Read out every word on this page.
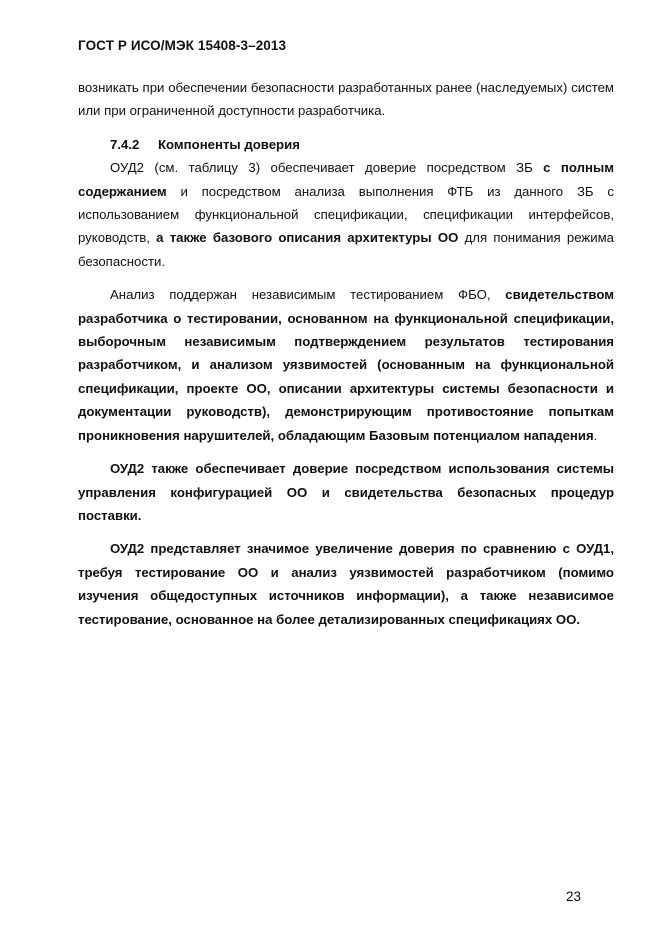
ГОСТ Р ИСО/МЭК 15408-3–2013

возникать при обеспечении безопасности разработанных ранее (наследуемых) систем или при ограниченной доступности разработчика.

7.4.2 Компоненты доверия

ОУД2 (см. таблицу 3) обеспечивает доверие посредством ЗБ с полным содержанием и посредством анализа выполнения ФТБ из данного ЗБ с использованием функциональной спецификации, спецификации интерфейсов, руководств, а также базового описания архитектуры ОО для понимания режима безопасности.

Анализ поддержан независимым тестированием ФБО, свидетельством разработчика о тестировании, основанном на функциональной спецификации, выборочным независимым подтверждением результатов тестирования разработчиком, и анализом уязвимостей (основанным на функциональной спецификации, проекте ОО, описании архитектуры системы безопасности и документации руководств), демонстрирующим противостояние попыткам проникновения нарушителей, обладающим Базовым потенциалом нападения.

ОУД2 также обеспечивает доверие посредством использования системы управления конфигурацией ОО и свидетельства безопасных процедур поставки.

ОУД2 представляет значимое увеличение доверия по сравнению с ОУД1, требуя тестирование ОО и анализ уязвимостей разработчиком (помимо изучения общедоступных источников информации), а также независимое тестирование, основанное на более детализированных спецификациях ОО.

23
